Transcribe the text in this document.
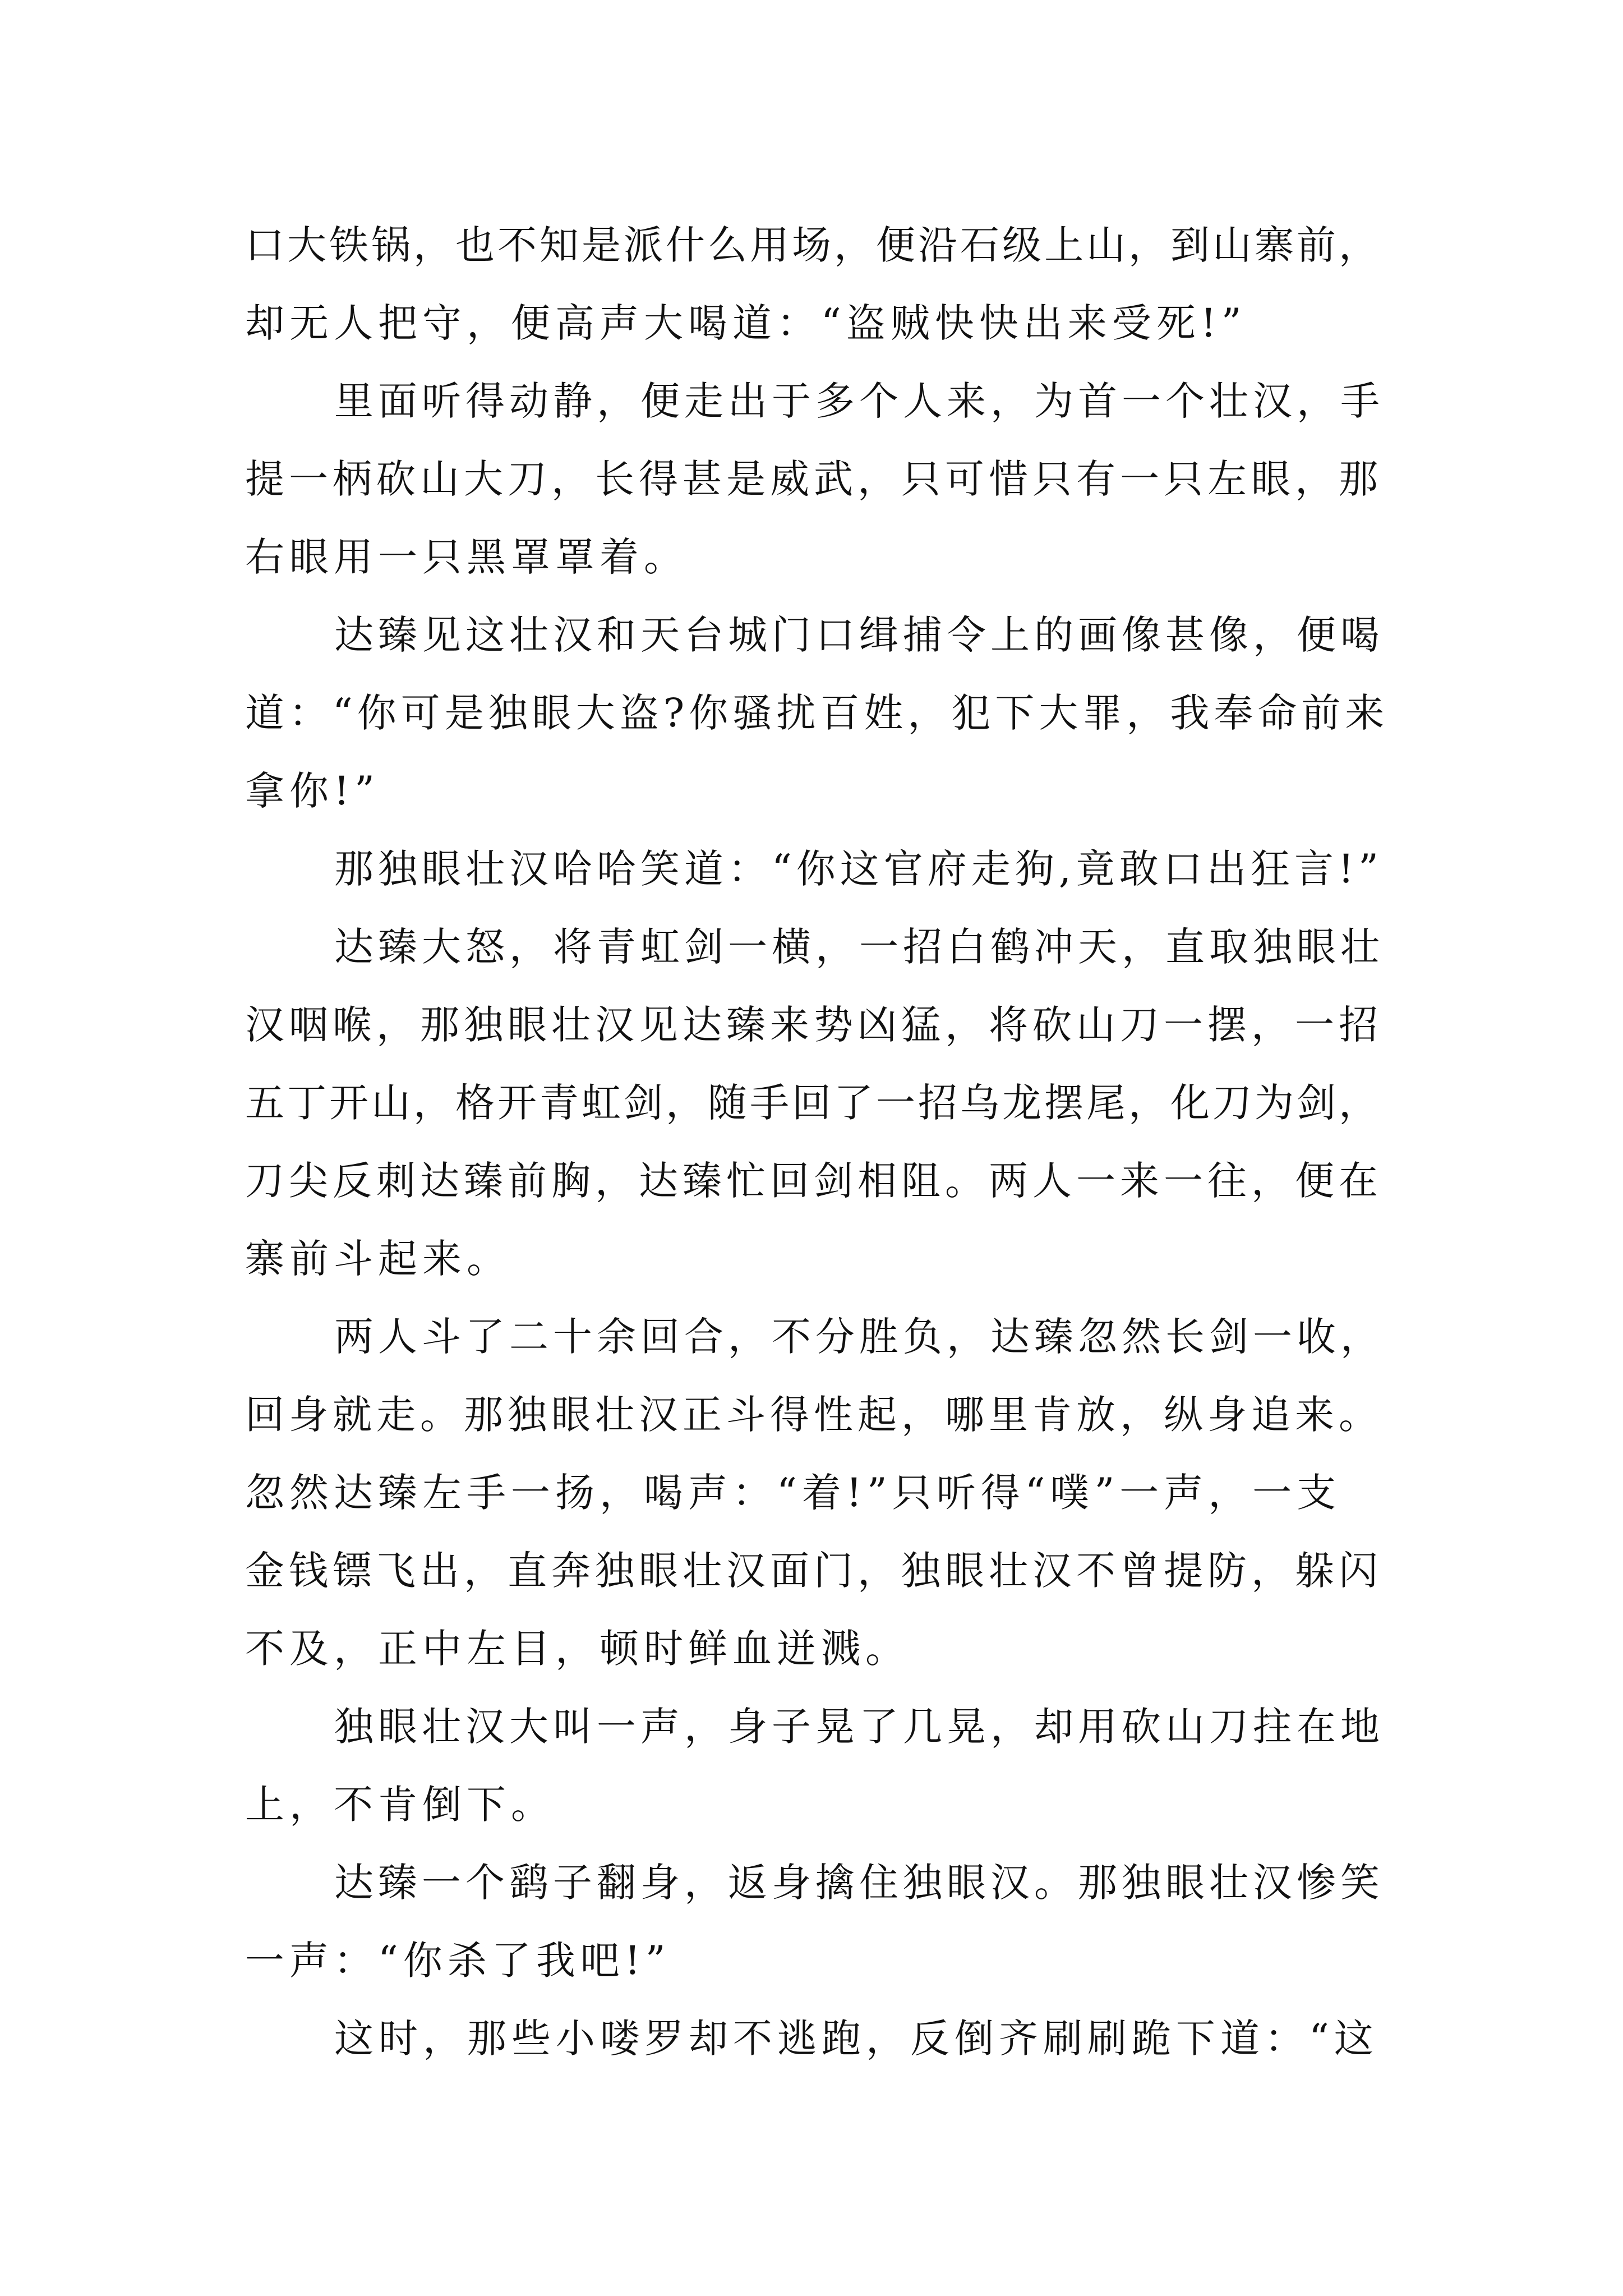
口大铁锅，也不知是派什么用场，便沿石级上山，到山寨前，
却无人把守，便高声大喝道：“盗贼快快出来受死!”
里面听得动静，便走出于多个人来，为首一个壮汉，手
提一柄砍山大刀，长得甚是威武，只可惜只有一只左眼，那
右眼用一只黑罩罩着。
达臻见这壮汉和天台城门口缉捕令上的画像甚像，便喝
道：“你可是独眼大盗?你骚扰百姓，犯下大罪，我奉命前来
拿你!”
那独眼壮汉哈哈笑道：“你这官府走狗,竟敢口出狂言!”
达臻大怒，将青虹剑一横，一招白鹤冲天，直取独眼壮
汉咽喉，那独眼壮汉见达臻来势凶猛，将砍山刀一摆，一招
五丁开山，格开青虹剑，随手回了一招乌龙摆尾，化刀为剑，
刀尖反刺达臻前胸，达臻忙回剑相阻。两人一来一往，便在
寨前斗起来。
两人斗了二十余回合，不分胜负，达臻忽然长剑一收，
回身就走。那独眼壮汉正斗得性起，哪里肯放，纵身追来。
忽然达臻左手一扬，喝声：“着!”只听得“噗”一声，一支
金钱镖飞出，直奔独眼壮汉面门，独眼壮汉不曾提防，躲闪
不及，正中左目，顿时鲜血迸溅。
独眼壮汉大叫一声，身子晃了几晃，却用砍山刀拄在地
上，不肯倒下。
达臻一个鹞子翻身，返身擒住独眼汉。那独眼壮汉惨笑
一声：“你杀了我吧!”
这时，那些小喽罗却不逃跑，反倒齐刷刷跪下道：“这
